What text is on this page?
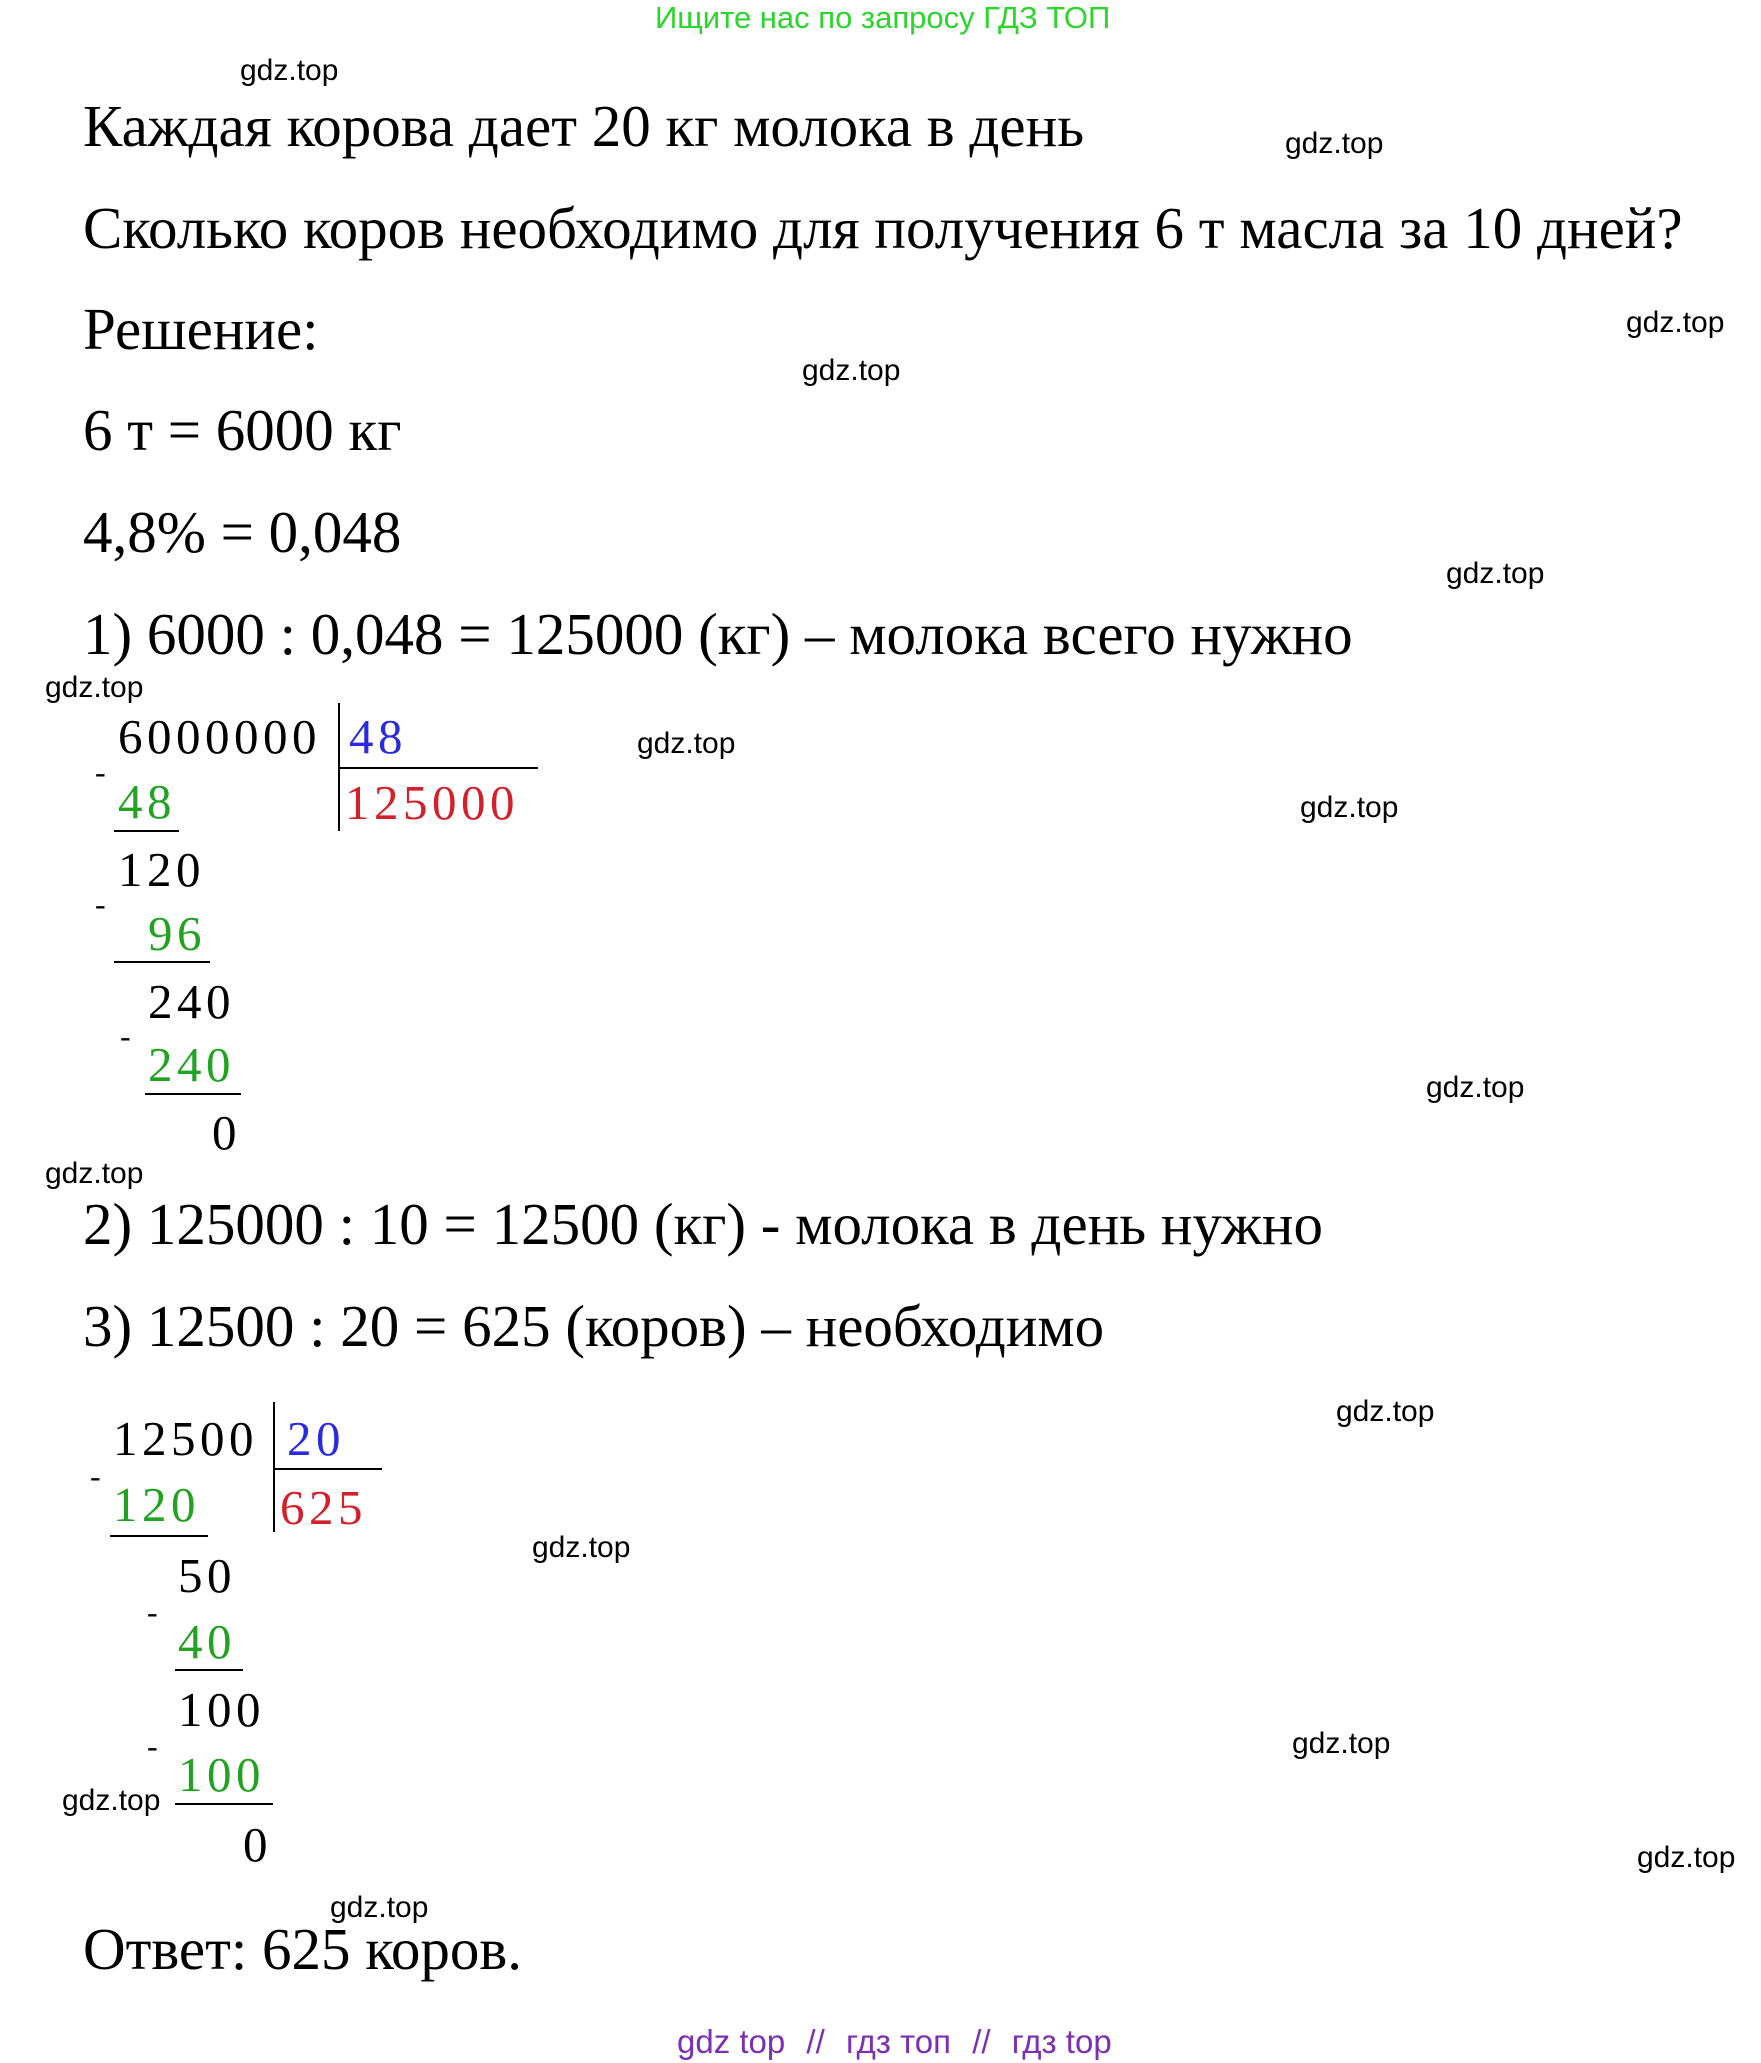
Ищите нас по запросу ГДЗ ТОП
gdz.top
gdz.top
gdz.top
gdz.top
gdz.top
gdz.top
gdz.top
gdz.top
gdz.top
gdz.top
gdz.top
gdz.top
gdz.top
gdz.top
gdz.top
gdz.top
Каждая корова дает 20 кг молока в день
Сколько коров необходимо для получения 6 т масла за 10 дней?
Решение:
6 т = 6000 кг
4,8% = 0,048
1) 6000 : 0,048 = 125000 (кг) – молока всего нужно
6000000 48
125000
-
48
120
-
96
240
-
240
0
2) 125000 : 10 = 12500 (кг) - молока в день нужно
3) 12500 : 20 = 625 (коров) – необходимо
12500 20
625
-
120
50
-
40
100
-
100
0
Ответ: 625 коров.
gdz top // гдз топ // гдз top
